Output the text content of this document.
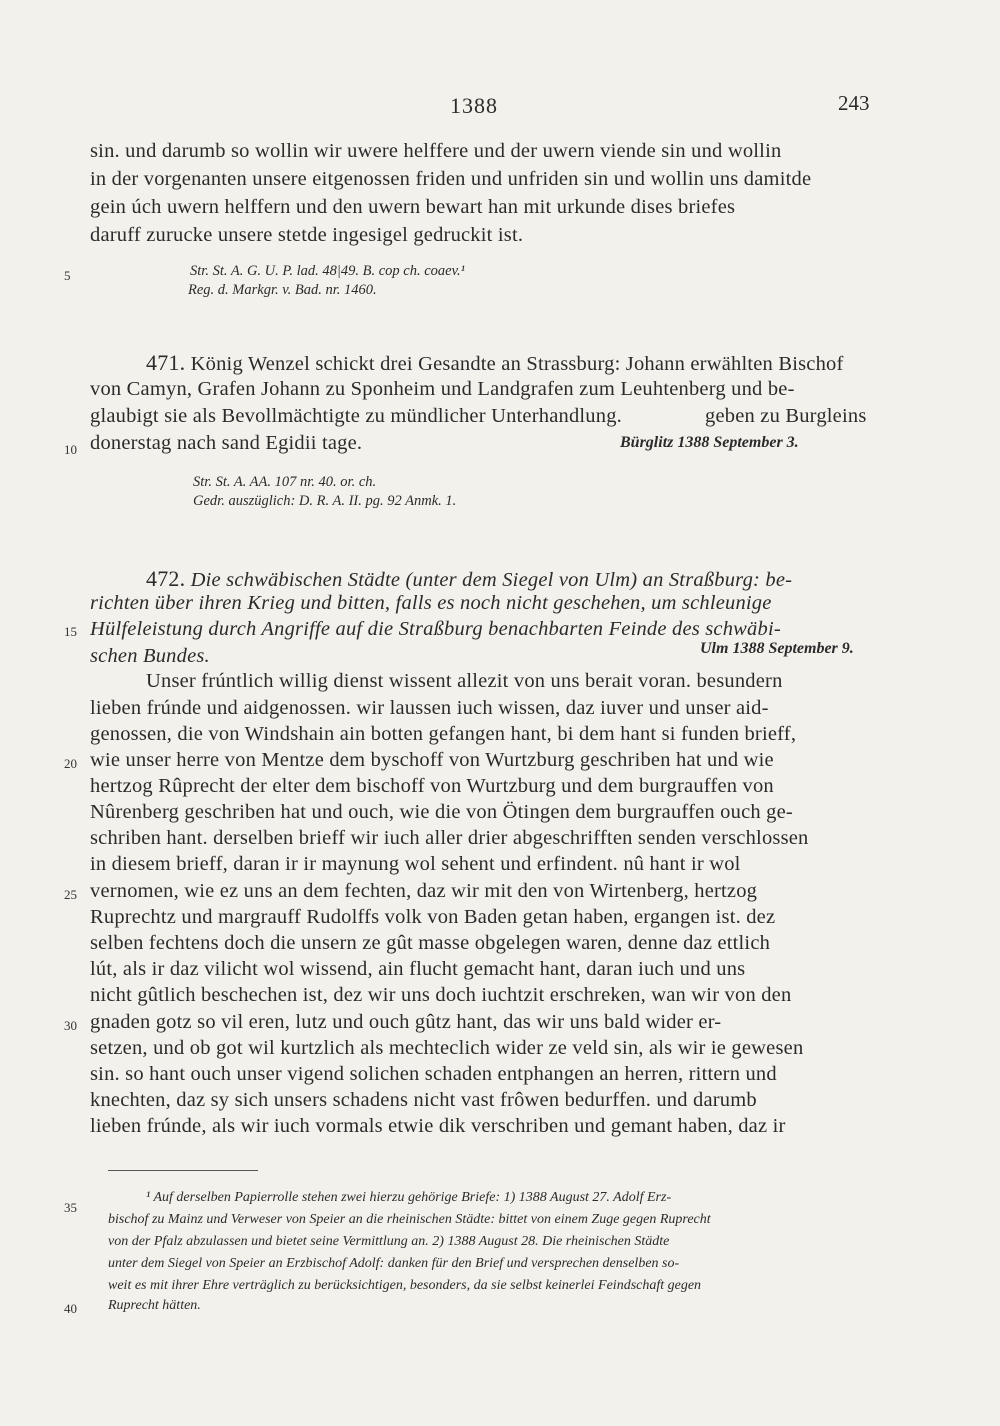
1388	243
sin. und darumb so wollin wir uwere helffere und der uwern viende sin und wollin
in der vorgenanten unsere eitgenossen friden und unfriden sin und wollin uns damitde
gein úch uwern helffern und den uwern bewart han mit urkunde dises briefes
daruff zurucke unsere stetde ingesigel gedruckit ist.
5	Str. St. A. G. U. P. lad. 48|49. B. cop ch. coaev.¹
Reg. d. Markgr. v. Bad. nr. 1460.
471. König Wenzel schickt drei Gesandte an Strassburg: Johann erwählten Bischof
von Camyn, Grafen Johann zu Sponheim und Landgrafen zum Leuhtenberg und be-
glaubigt sie als Bevollmächtigte zu mündlicher Unterhandlung.	geben zu Burgleins
10 donerstag nach sand Egidii tage.	Bürglitz 1388 September 3.
Str. St. A. AA. 107 nr. 40. or. ch.
Gedr. auszüglich: D. R. A. II. pg. 92 Anmk. 1.
472. Die schwäbischen Städte (unter dem Siegel von Ulm) an Straßburg: be-
richten über ihren Krieg und bitten, falls es noch nicht geschehen, um schleunige
15 Hülfeleistung durch Angriffe auf die Straßburg benachbarten Feinde des schwäbi-
schen Bundes.	Ulm 1388 September 9.
Unser frúntlich willig dienst wissent allezit von uns berait voran. besundern
lieben frúnde und aidgenossen. wir laussen iuch wissen, daz iuver und unser aid-
genossen, die von Windshain ain botten gefangen hant, bi dem hant si funden brieff,
20 wie unser herre von Mentze dem byschoff von Wurtzburg geschriben hat und wie
hertzog Rûprecht der elter dem bischoff von Wurtzburg und dem burgrauffen von
Nûrenberg geschriben hat und ouch, wie die von Ötingen dem burgrauffen ouch ge-
schriben hant. derselben brieff wir iuch aller drier abgeschrifften senden verschlossen
in diesem brieff, daran ir ir maynung wol sehent und erfindent. nû hant ir wol
25 vernomen, wie ez uns an dem fechten, daz wir mit den von Wirtenberg, hertzog
Ruprechtz und margrauff Rudolffs volk von Baden getan haben, ergangen ist. dez
selben fechtens doch die unsern ze gût masse obgelegen waren, denne daz ettlich
lút, als ir daz vilicht wol wissend, ain flucht gemacht hant, daran iuch und uns
nicht gûtlich beschechen ist, dez wir uns doch iuchtzit erschreken, wan wir von den
30 gnaden gotz so vil eren, lutz und ouch gûtz hant, das wir uns bald wider er-
setzen, und ob got wil kurtzlich als mechteclich wider ze veld sin, als wir ie gewesen
sin. so hant ouch unser vigend solichen schaden entphangen an herren, rittern und
knechten, daz sy sich unsers schadens nicht vast frôwen bedurffen. und darumb
lieben frúnde, als wir iuch vormals etwie dik verschriben und gemant haben, daz ir
35
¹ Auf derselben Papierrolle stehen zwei hierzu gehörige Briefe: 1) 1388 August 27. Adolf Erz-
bischof zu Mainz und Verweser von Speier an die rheinischen Städte: bittet von einem Zuge gegen Ruprecht
von der Pfalz abzulassen und bietet seine Vermittlung an. 2) 1388 August 28. Die rheinischen Städte
unter dem Siegel von Speier an Erzbischof Adolf: danken für den Brief und versprechen denselben so-
weit es mit ihrer Ehre verträglich zu berücksichtigen, besonders, da sie selbst keinerlei Feindschaft gegen
40 Ruprecht hätten.
